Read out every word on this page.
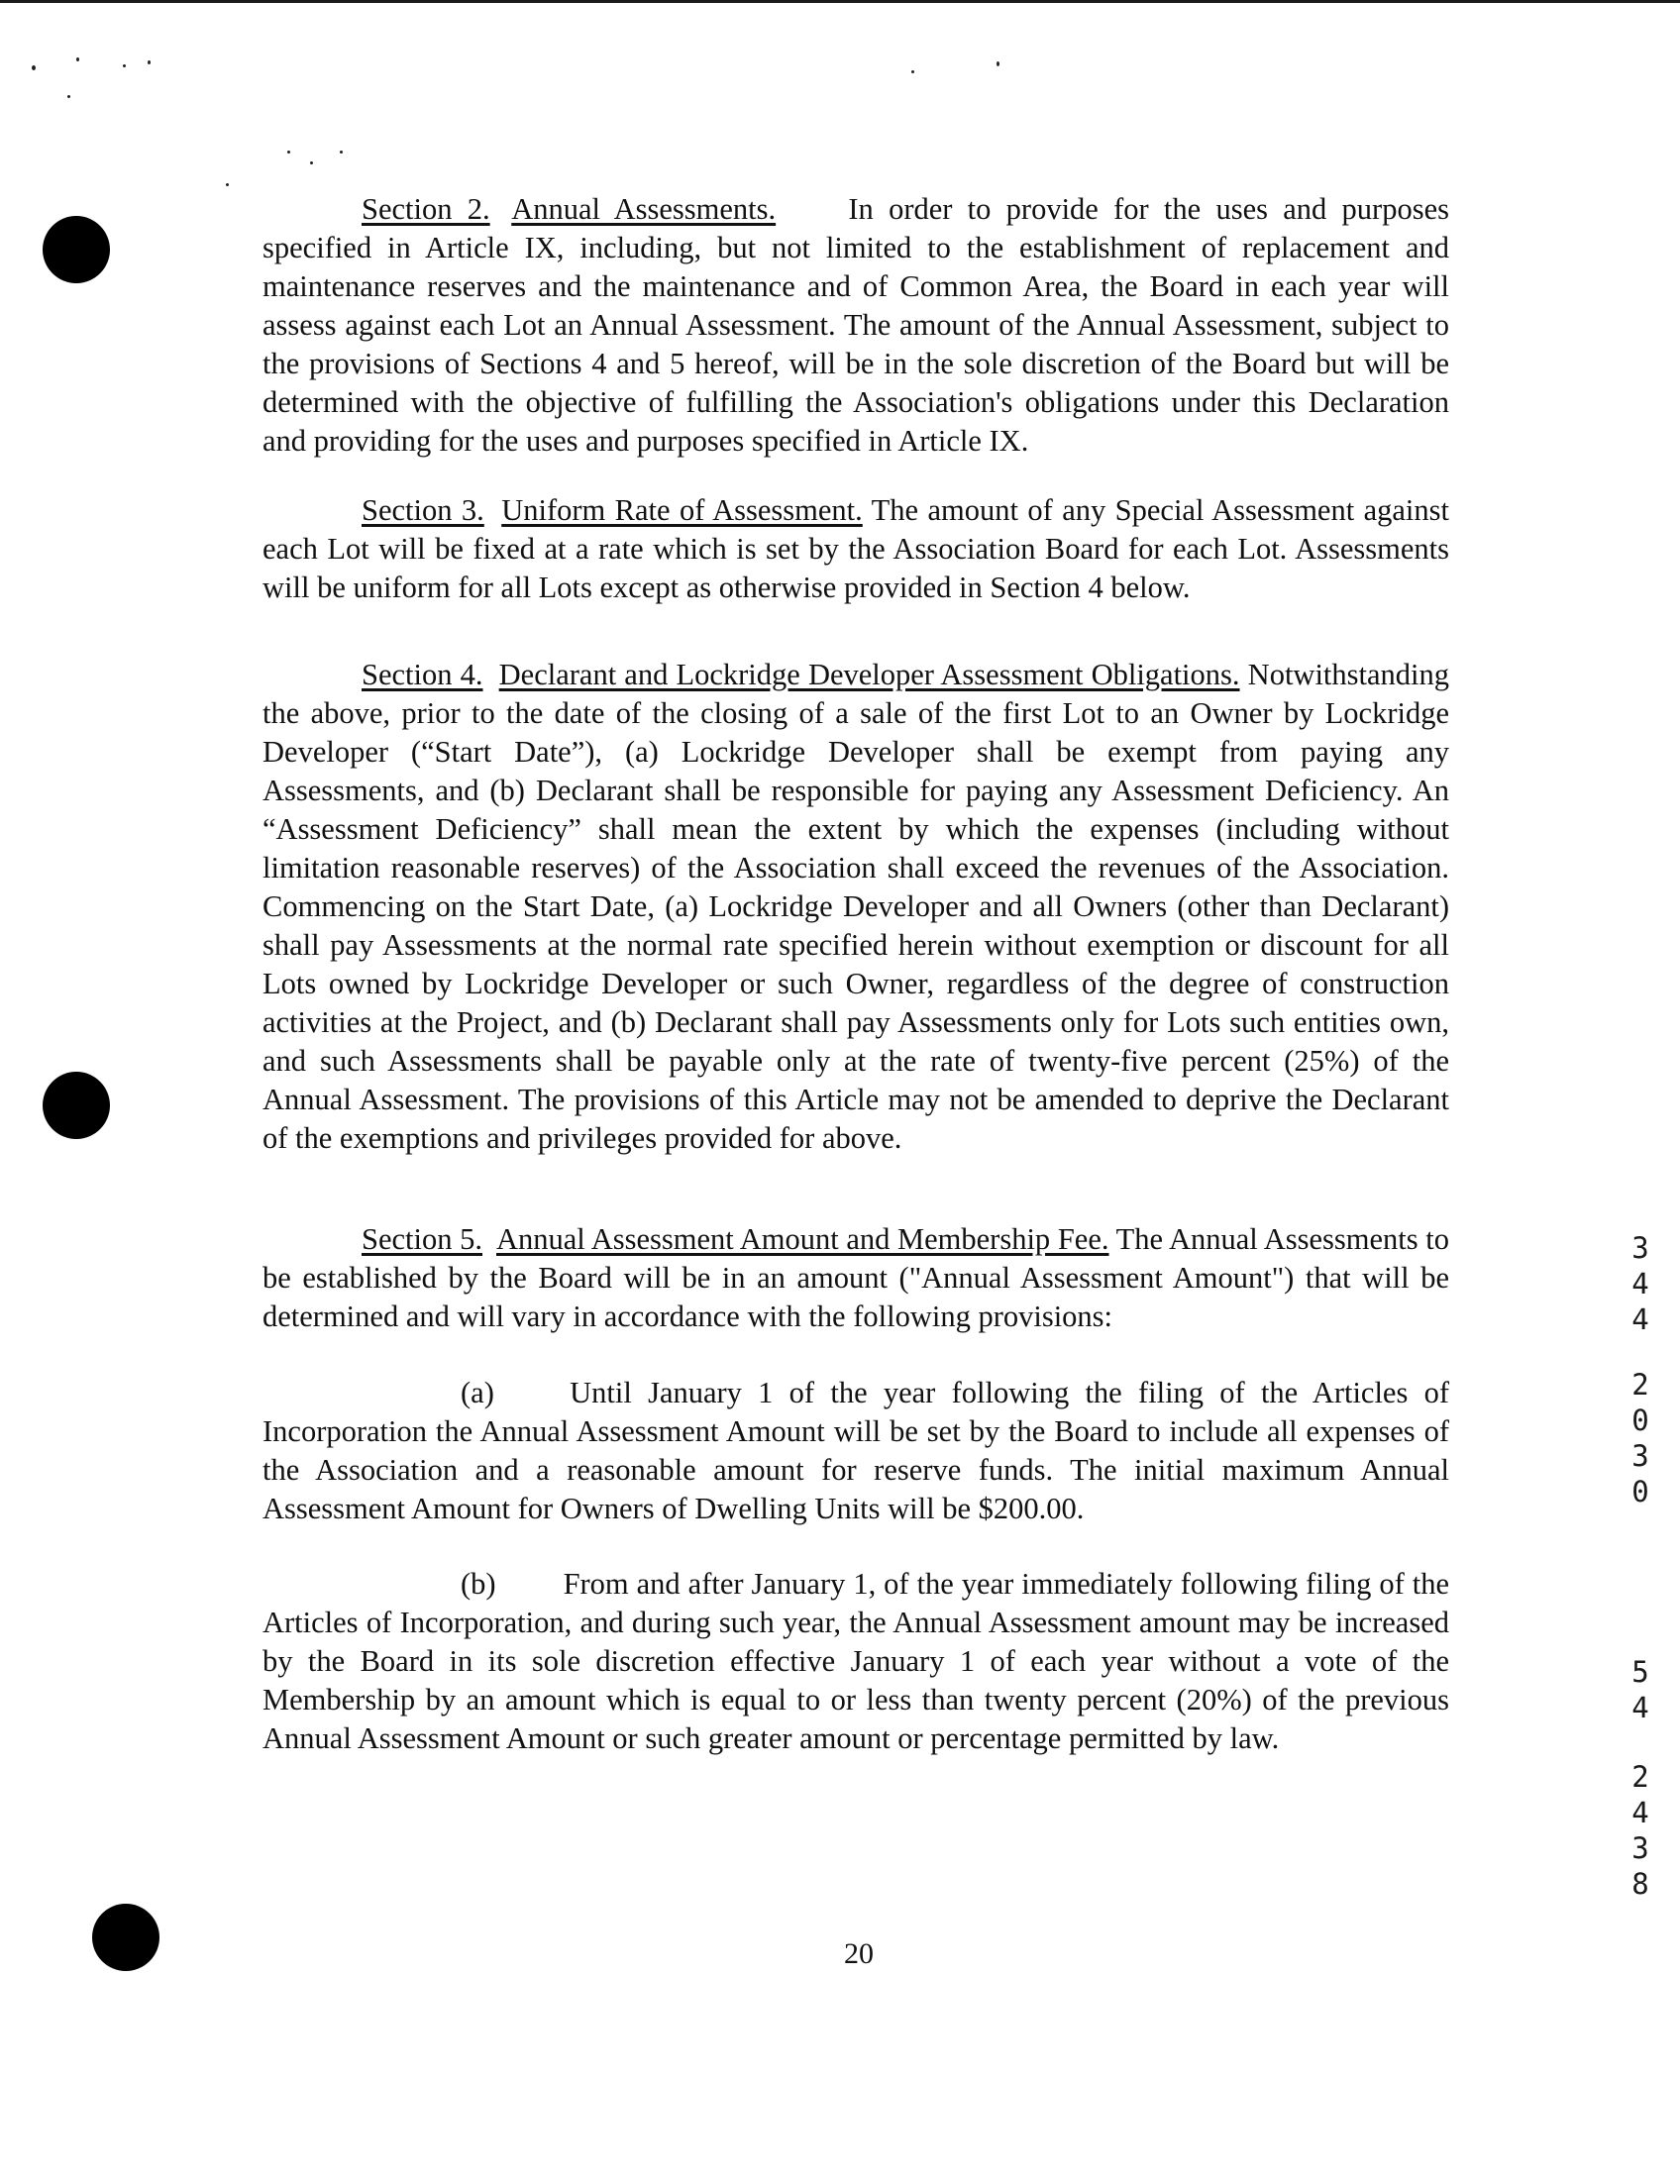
Section 2. Annual Assessments. In order to provide for the uses and purposes specified in Article IX, including, but not limited to the establishment of replacement and maintenance reserves and the maintenance and of Common Area, the Board in each year will assess against each Lot an Annual Assessment. The amount of the Annual Assessment, subject to the provisions of Sections 4 and 5 hereof, will be in the sole discretion of the Board but will be determined with the objective of fulfilling the Association's obligations under this Declaration and providing for the uses and purposes specified in Article IX.

Section 3. Uniform Rate of Assessment. The amount of any Special Assessment against each Lot will be fixed at a rate which is set by the Association Board for each Lot. Assessments will be uniform for all Lots except as otherwise provided in Section 4 below.

Section 4. Declarant and Lockridge Developer Assessment Obligations. Notwithstanding the above, prior to the date of the closing of a sale of the first Lot to an Owner by Lockridge Developer (“Start Date”), (a) Lockridge Developer shall be exempt from paying any Assessments, and (b) Declarant shall be responsible for paying any Assessment Deficiency. An “Assessment Deficiency” shall mean the extent by which the expenses (including without limitation reasonable reserves) of the Association shall exceed the revenues of the Association. Commencing on the Start Date, (a) Lockridge Developer and all Owners (other than Declarant) shall pay Assessments at the normal rate specified herein without exemption or discount for all Lots owned by Lockridge Developer or such Owner, regardless of the degree of construction activities at the Project, and (b) Declarant shall pay Assessments only for Lots such entities own, and such Assessments shall be payable only at the rate of twenty-five percent (25%) of the Annual Assessment. The provisions of this Article may not be amended to deprive the Declarant of the exemptions and privileges provided for above.

Section 5. Annual Assessment Amount and Membership Fee. The Annual Assessments to be established by the Board will be in an amount ("Annual Assessment Amount") that will be determined and will vary in accordance with the following provisions:

(a)	Until January 1 of the year following the filing of the Articles of Incorporation the Annual Assessment Amount will be set by the Board to include all expenses of the Association and a reasonable amount for reserve funds. The initial maximum Annual Assessment Amount for Owners of Dwelling Units will be $200.00.

(b) From and after January 1, of the year immediately following filing of the Articles of Incorporation, and during such year, the Annual Assessment amount may be increased by the Board in its sole discretion effective January 1 of each year without a vote of the Membership by an amount which is equal to or less than twenty percent (20%) of the previous Annual Assessment Amount or such greater amount or percentage permitted by law.

20
3
4
4
2
0
3
0
5
4
2
4
3
8
